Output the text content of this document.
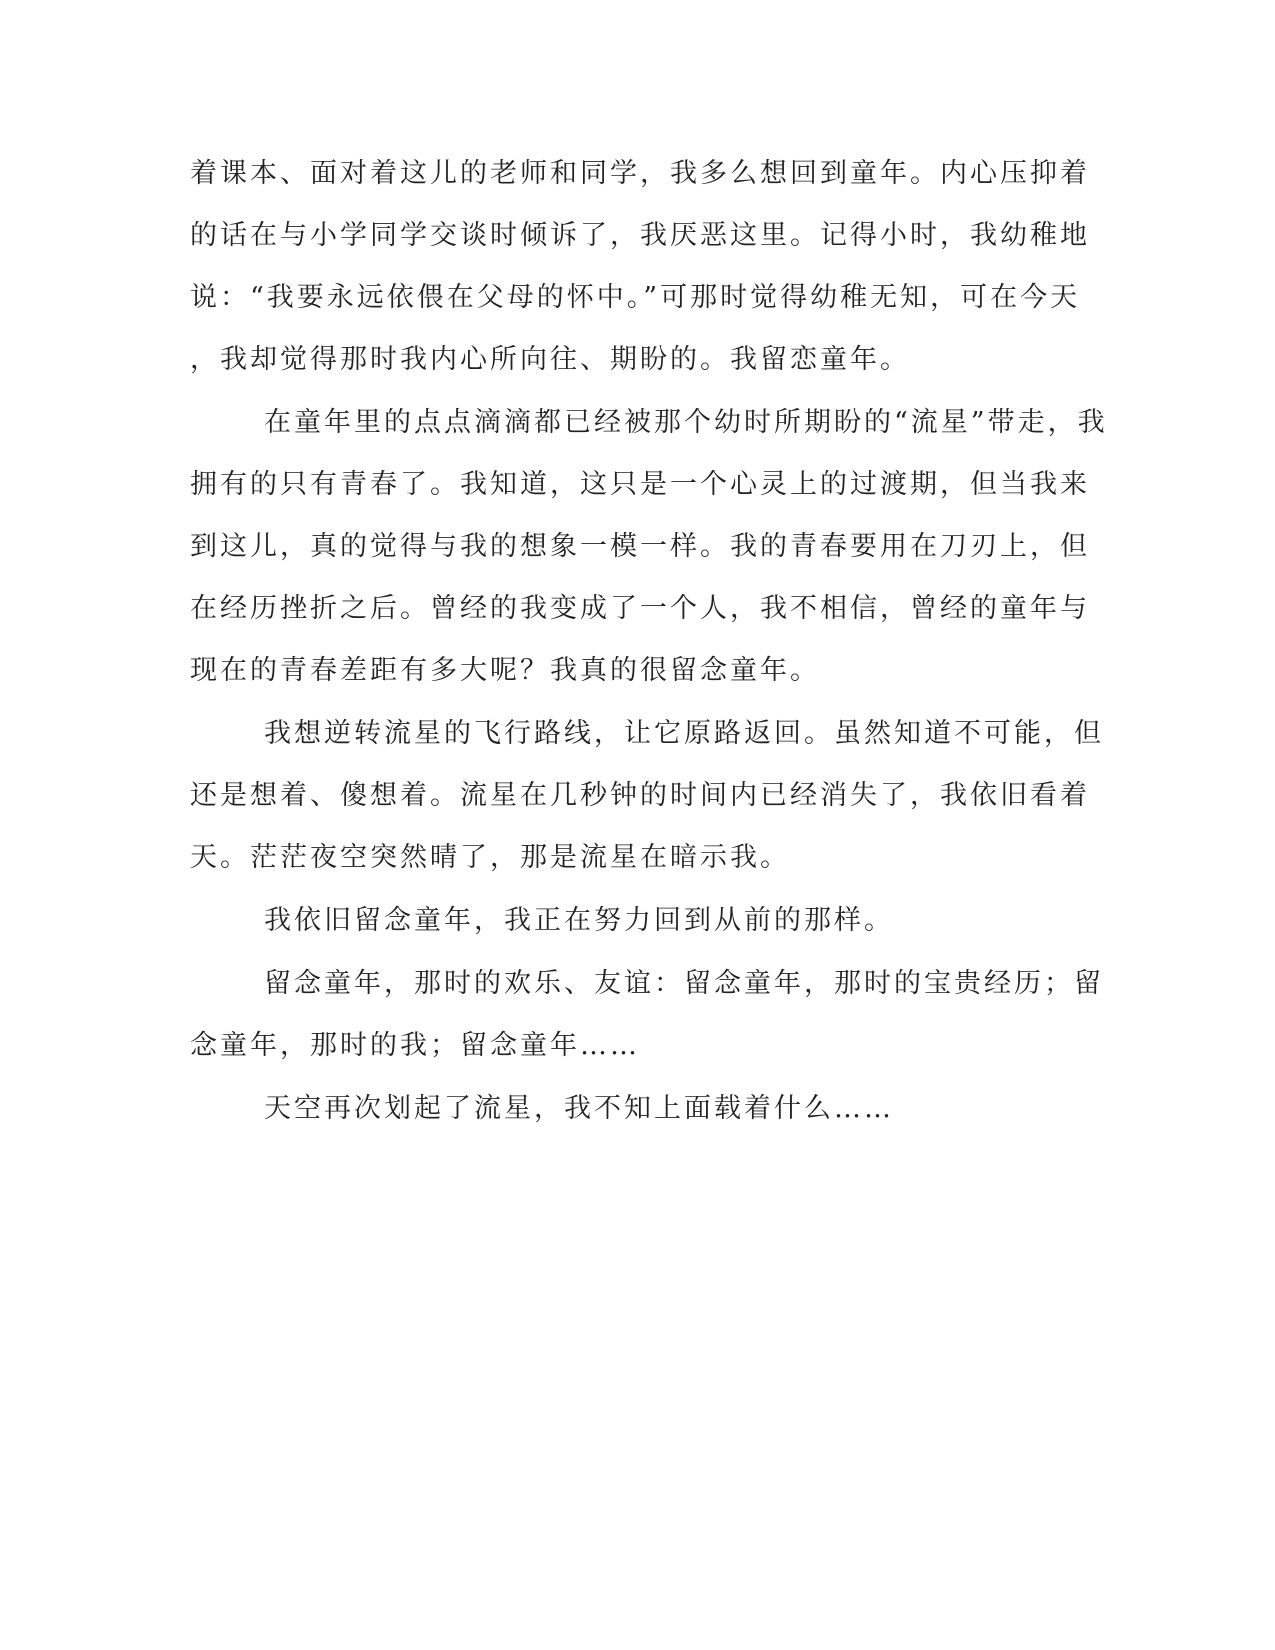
着课本、面对着这儿的老师和同学，我多么想回到童年。内心压抑着
的话在与小学同学交谈时倾诉了，我厌恶这里。记得小时，我幼稚地
说：“我要永远依偎在父母的怀中。”可那时觉得幼稚无知，可在今天
，我却觉得那时我内心所向往、期盼的。我留恋童年。
在童年里的点点滴滴都已经被那个幼时所期盼的“流星”带走，我
拥有的只有青春了。我知道，这只是一个心灵上的过渡期，但当我来
到这儿，真的觉得与我的想象一模一样。我的青春要用在刀刃上，但
在经历挫折之后。曾经的我变成了一个人，我不相信，曾经的童年与
现在的青春差距有多大呢？我真的很留念童年。
我想逆转流星的飞行路线，让它原路返回。虽然知道不可能，但
还是想着、傻想着。流星在几秒钟的时间内已经消失了，我依旧看着
天。茫茫夜空突然晴了，那是流星在暗示我。
我依旧留念童年，我正在努力回到从前的那样。
留念童年，那时的欢乐、友谊：留念童年，那时的宝贵经历；留
念童年，那时的我；留念童年……
天空再次划起了流星，我不知上面载着什么……
